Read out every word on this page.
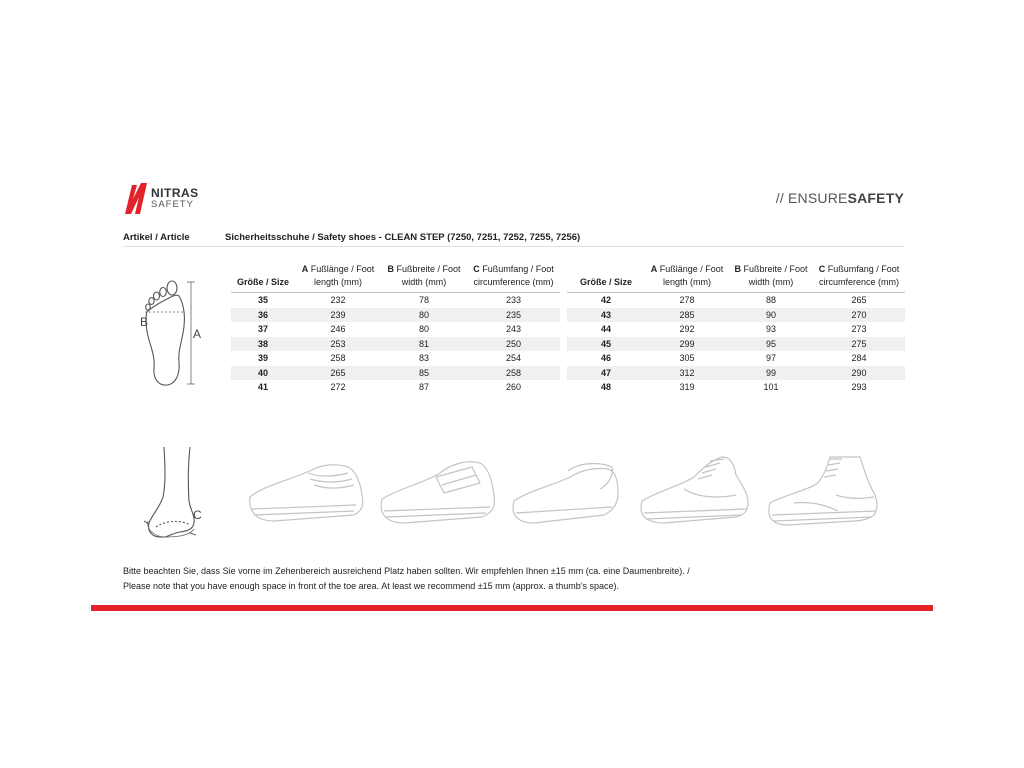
NITRAS
SAFETY	// ENSURESAFETY
Artikel / Article	Sicherheitsschuhe / Safety shoes - CLEAN STEP (7250, 7251, 7252, 7255, 7256)
B
A
Größe / Size	A Fußlänge / Foot length (mm)	B Fußbreite / Foot width (mm)	C Fußumfang / Foot circumference (mm)
35	232	78	233
36	239	80	235
37	246	80	243
38	253	81	250
39	258	83	254
40	265	85	258
41	272	87	260
Größe / Size	A Fußlänge / Foot length (mm)	B Fußbreite / Foot width (mm)	C Fußumfang / Foot circumference (mm)
42	278	88	265
43	285	90	270
44	292	93	273
45	299	95	275
46	305	97	284
47	312	99	290
48	319	101	293
C
Bitte beachten Sie, dass Sie vorne im Zehenbereich ausreichend Platz haben sollten. Wir empfehlen Ihnen ±15 mm (ca. eine Daumenbreite). /
Please note that you have enough space in front of the toe area. At least we recommend ±15 mm (approx. a thumb’s space).
